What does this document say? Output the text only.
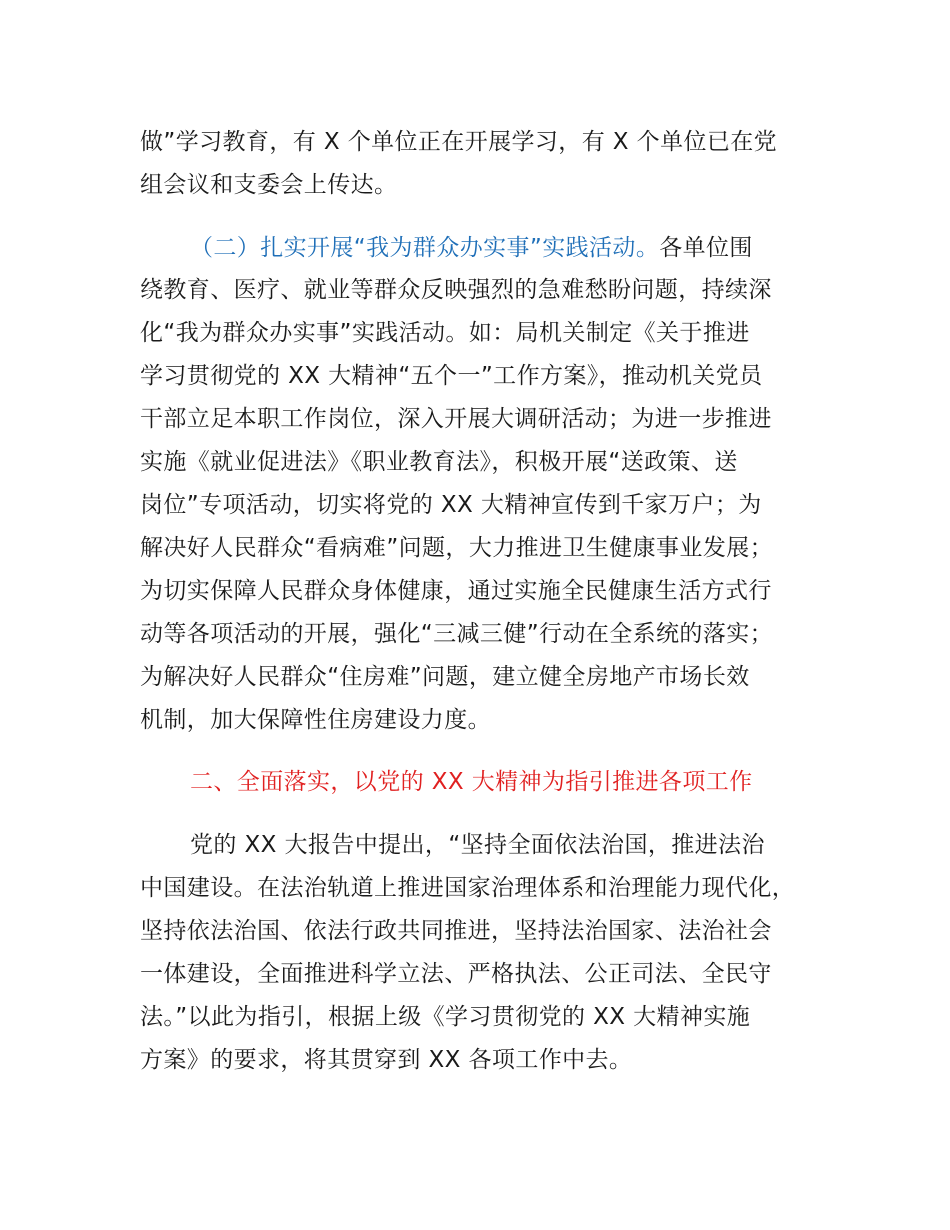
做”学习教育，有 X 个单位正在开展学习，有 X 个单位已在党
组会议和支委会上传达。
（二）扎实开展“我为群众办实事”实践活动。各单位围
绕教育、医疗、就业等群众反映强烈的急难愁盼问题，持续深
化“我为群众办实事”实践活动。如：局机关制定《关于推进
学习贯彻党的 XX 大精神“五个一”工作方案》，推动机关党员
干部立足本职工作岗位，深入开展大调研活动；为进一步推进
实施《就业促进法》《职业教育法》，积极开展“送政策、送
岗位”专项活动，切实将党的 XX 大精神宣传到千家万户；为
解决好人民群众“看病难”问题，大力推进卫生健康事业发展；
为切实保障人民群众身体健康，通过实施全民健康生活方式行
动等各项活动的开展，强化“三减三健”行动在全系统的落实；
为解决好人民群众“住房难”问题，建立健全房地产市场长效
机制，加大保障性住房建设力度。
二、全面落实，以党的 XX 大精神为指引推进各项工作
党的 XX 大报告中提出，“坚持全面依法治国，推进法治
中国建设。在法治轨道上推进国家治理体系和治理能力现代化，
坚持依法治国、依法行政共同推进，坚持法治国家、法治社会
一体建设，全面推进科学立法、严格执法、公正司法、全民守
法。”以此为指引，根据上级《学习贯彻党的 XX 大精神实施
方案》的要求，将其贯穿到 XX 各项工作中去。
